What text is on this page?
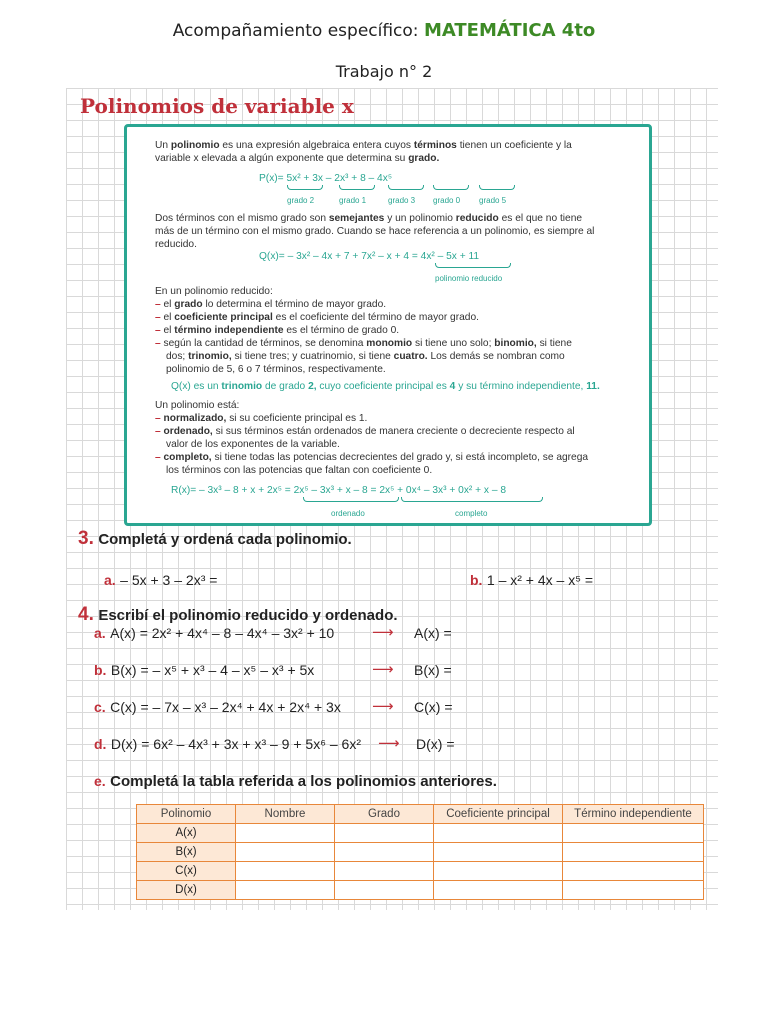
Acompañamiento específico: MATEMÁTICA 4to
Trabajo n° 2
Polinomios de variable x
Un polinomio es una expresión algebraica entera cuyos términos tienen un coeficiente y la
variable x elevada a algún exponente que determina su grado.
P(x)= 5x² + 3x – 2x³ + 8 – 4x⁵
grado 2	grado 1	grado 3 grado 0 grado 5
Dos términos con el mismo grado son semejantes y un polinomio reducido es el que no tiene
más de un término con el mismo grado. Cuando se hace referencia a un polinomio, es siempre al
reducido.
Q(x)= – 3x² – 4x + 7 + 7x² – x + 4 = 4x² – 5x + 11
polinomio reducido
En un polinomio reducido:
– el grado lo determina el término de mayor grado.
– el coeficiente principal es el coeficiente del término de mayor grado.
– el término independiente es el término de grado 0.
– según la cantidad de términos, se denomina monomio si tiene uno solo; binomio, si tiene
dos; trinomio, si tiene tres; y cuatrinomio, si tiene cuatro. Los demás se nombran como
polinomio de 5, 6 o 7 términos, respectivamente.
Q(x) es un trinomio de grado 2, cuyo coeficiente principal es 4 y su término independiente, 11.
Un polinomio está:
– normalizado, si su coeficiente principal es 1.
– ordenado, si sus términos están ordenados de manera creciente o decreciente respecto al
valor de los exponentes de la variable.
– completo, si tiene todas las potencias decrecientes del grado y, si está incompleto, se agrega
los términos con las potencias que faltan con coeficiente 0.
R(x)= – 3x³ – 8 + x + 2x⁵ = 2x⁵ – 3x³ + x – 8 = 2x⁵ + 0x⁴ – 3x³ + 0x² + x – 8
ordenado	completo
3. Completá y ordená cada polinomio.
a. – 5x + 3 – 2x³ =	b. 1 – x² + 4x – x⁵ =
4. Escribí el polinomio reducido y ordenado.
a. A(x) = 2x² + 4x⁴ – 8 – 4x⁴ – 3x² + 10	⟶ A(x) =
b. B(x) = – x⁵ + x³ – 4 – x⁵ – x³ + 5x	⟶ B(x) =
c. C(x) = – 7x – x³ – 2x⁴ + 4x + 2x⁴ + 3x ⟶ C(x) =
d. D(x) = 6x² – 4x³ + 3x + x³ – 9 + 5x⁶ – 6x² ⟶ D(x) =
e. Completá la tabla referida a los polinomios anteriores.
Polinomio	Nombre	Grado	Coeficiente principal	Término independiente
A(x)				
B(x)				
C(x)				
D(x)				
